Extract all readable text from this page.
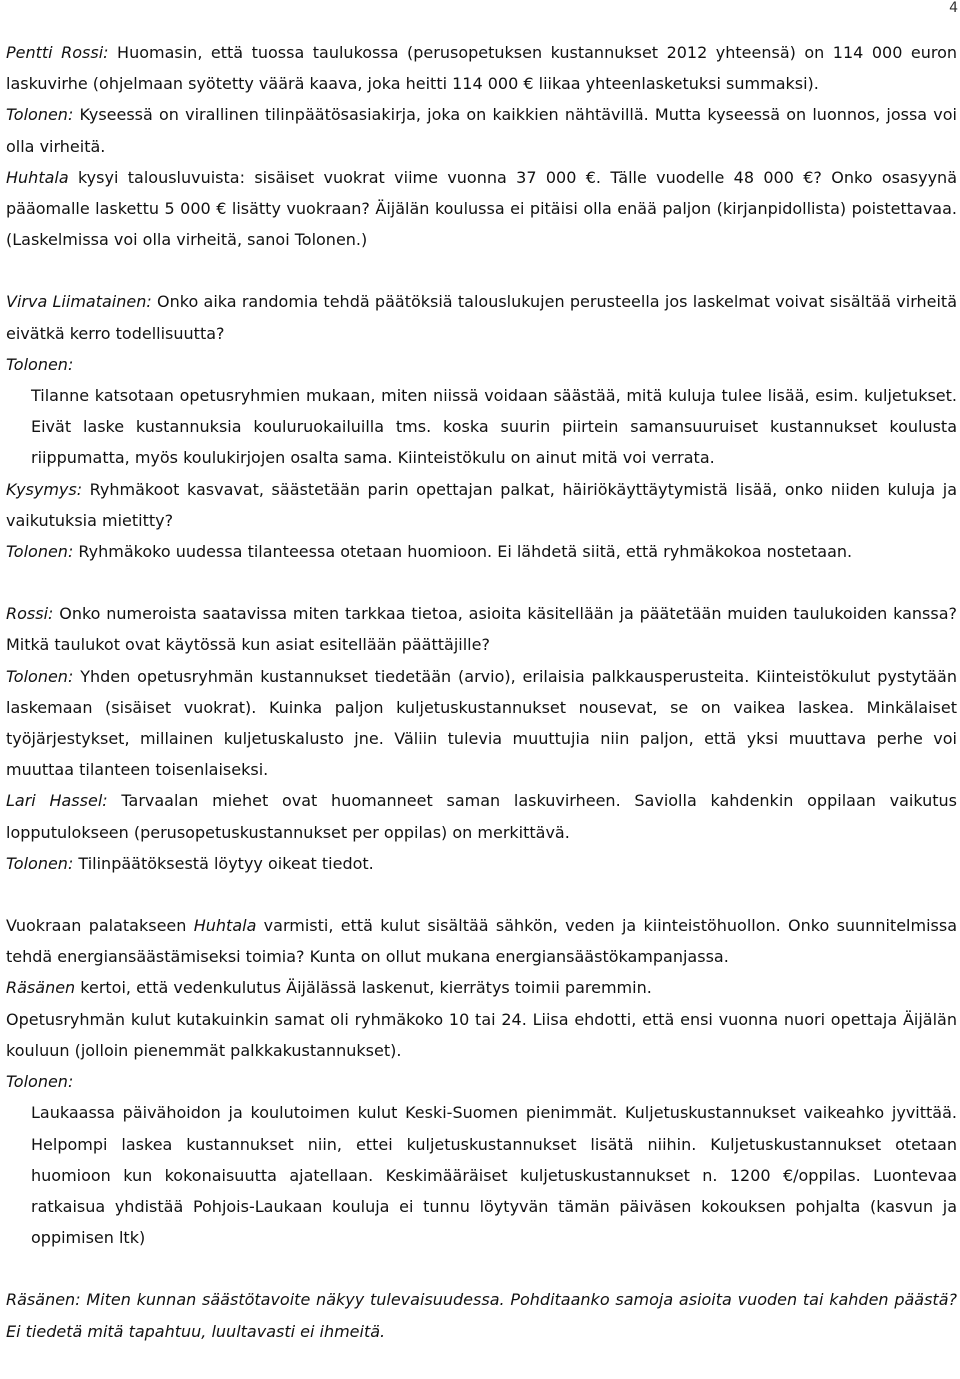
4

Pentti Rossi: Huomasin, että tuossa taulukossa (perusopetuksen kustannukset 2012 yhteensä) on 114 000 euron laskuvirhe (ohjelmaan syötetty väärä kaava, joka heitti 114 000 € liikaa yhteenlasketuksi summaksi).

Tolonen: Kyseessä on virallinen tilinpäätösasiakirja, joka on kaikkien nähtävillä. Mutta kyseessä on luonnos, jossa voi olla virheitä.

Huhtala kysyi talousluvuista: sisäiset vuokrat viime vuonna 37 000 €. Tälle vuodelle 48 000 €? Onko osasyynä pääomalle laskettu 5 000 € lisätty vuokraan? Äijälän koulussa ei pitäisi olla enää paljon (kirjanpidollista) poistettavaa. (Laskelmissa voi olla virheitä, sanoi Tolonen.)

Virva Liimatainen: Onko aika randomia tehdä päätöksiä talouslukujen perusteella jos laskelmat voivat sisältää virheitä eivätkä kerro todellisuutta?

Tolonen:

Tilanne katsotaan opetusryhmien mukaan, miten niissä voidaan säästää, mitä kuluja tulee lisää, esim. kuljetukset. Eivät laske kustannuksia kouluruokailuilla tms. koska suurin piirtein samansuuruiset kustannukset koulusta riippumatta, myös koulukirjojen osalta sama. Kiinteistökulu on ainut mitä voi verrata.

Kysymys: Ryhmäkoot kasvavat, säästetään parin opettajan palkat, häiriökäyttäytymistä lisää, onko niiden kuluja ja vaikutuksia mietitty?

Tolonen: Ryhmäkoko uudessa tilanteessa otetaan huomioon. Ei lähdetä siitä, että ryhmäkokoa nostetaan.

Rossi: Onko numeroista saatavissa miten tarkkaa tietoa, asioita käsitellään ja päätetään muiden taulukoiden kanssa? Mitkä taulukot ovat käytössä kun asiat esitellään päättäjille?

Tolonen: Yhden opetusryhmän kustannukset tiedetään (arvio), erilaisia palkkausperusteita. Kiinteistökulut pystytään laskemaan (sisäiset vuokrat). Kuinka paljon kuljetuskustannukset nousevat, se on vaikea laskea. Minkälaiset työjärjestykset, millainen kuljetuskalusto jne. Väliin tulevia muuttujia niin paljon, että yksi muuttava perhe voi muuttaa tilanteen toisenlaiseksi.

Lari Hassel: Tarvaalan miehet ovat huomanneet saman laskuvirheen. Saviolla kahdenkin oppilaan vaikutus lopputulokseen (perusopetuskustannukset per oppilas) on merkittävä.

Tolonen: Tilinpäätöksestä löytyy oikeat tiedot.

Vuokraan palatakseen Huhtala varmisti, että kulut sisältää sähkön, veden ja kiinteistöhuollon. Onko suunnitelmissa tehdä energiansäästämiseksi toimia? Kunta on ollut mukana energiansäästökampanjassa.

Räsänen kertoi, että vedenkulutus Äijälässä laskenut, kierrätys toimii paremmin.

Opetusryhmän kulut kutakuinkin samat oli ryhmäkoko 10 tai 24. Liisa ehdotti, että ensi vuonna nuori opettaja Äijälän kouluun (jolloin pienemmät palkkakustannukset).

Tolonen:

Laukaassa päivähoidon ja koulutoimen kulut Keski-Suomen pienimmät. Kuljetuskustannukset vaikeahko jyvittää. Helpompi laskea kustannukset niin, ettei kuljetuskustannukset lisätä niihin. Kuljetuskustannukset otetaan huomioon kun kokonaisuutta ajatellaan. Keskimääräiset kuljetuskustannukset n. 1200 €/oppilas. Luontevaa ratkaisua yhdistää Pohjois-Laukaan kouluja ei tunnu löytyvän tämän päiväsen kokouksen pohjalta (kasvun ja oppimisen ltk)

Räsänen: Miten kunnan säästötavoite näkyy tulevaisuudessa. Pohditaanko samoja asioita vuoden tai kahden päästä? Ei tiedetä mitä tapahtuu, luultavasti ei ihmeitä.
